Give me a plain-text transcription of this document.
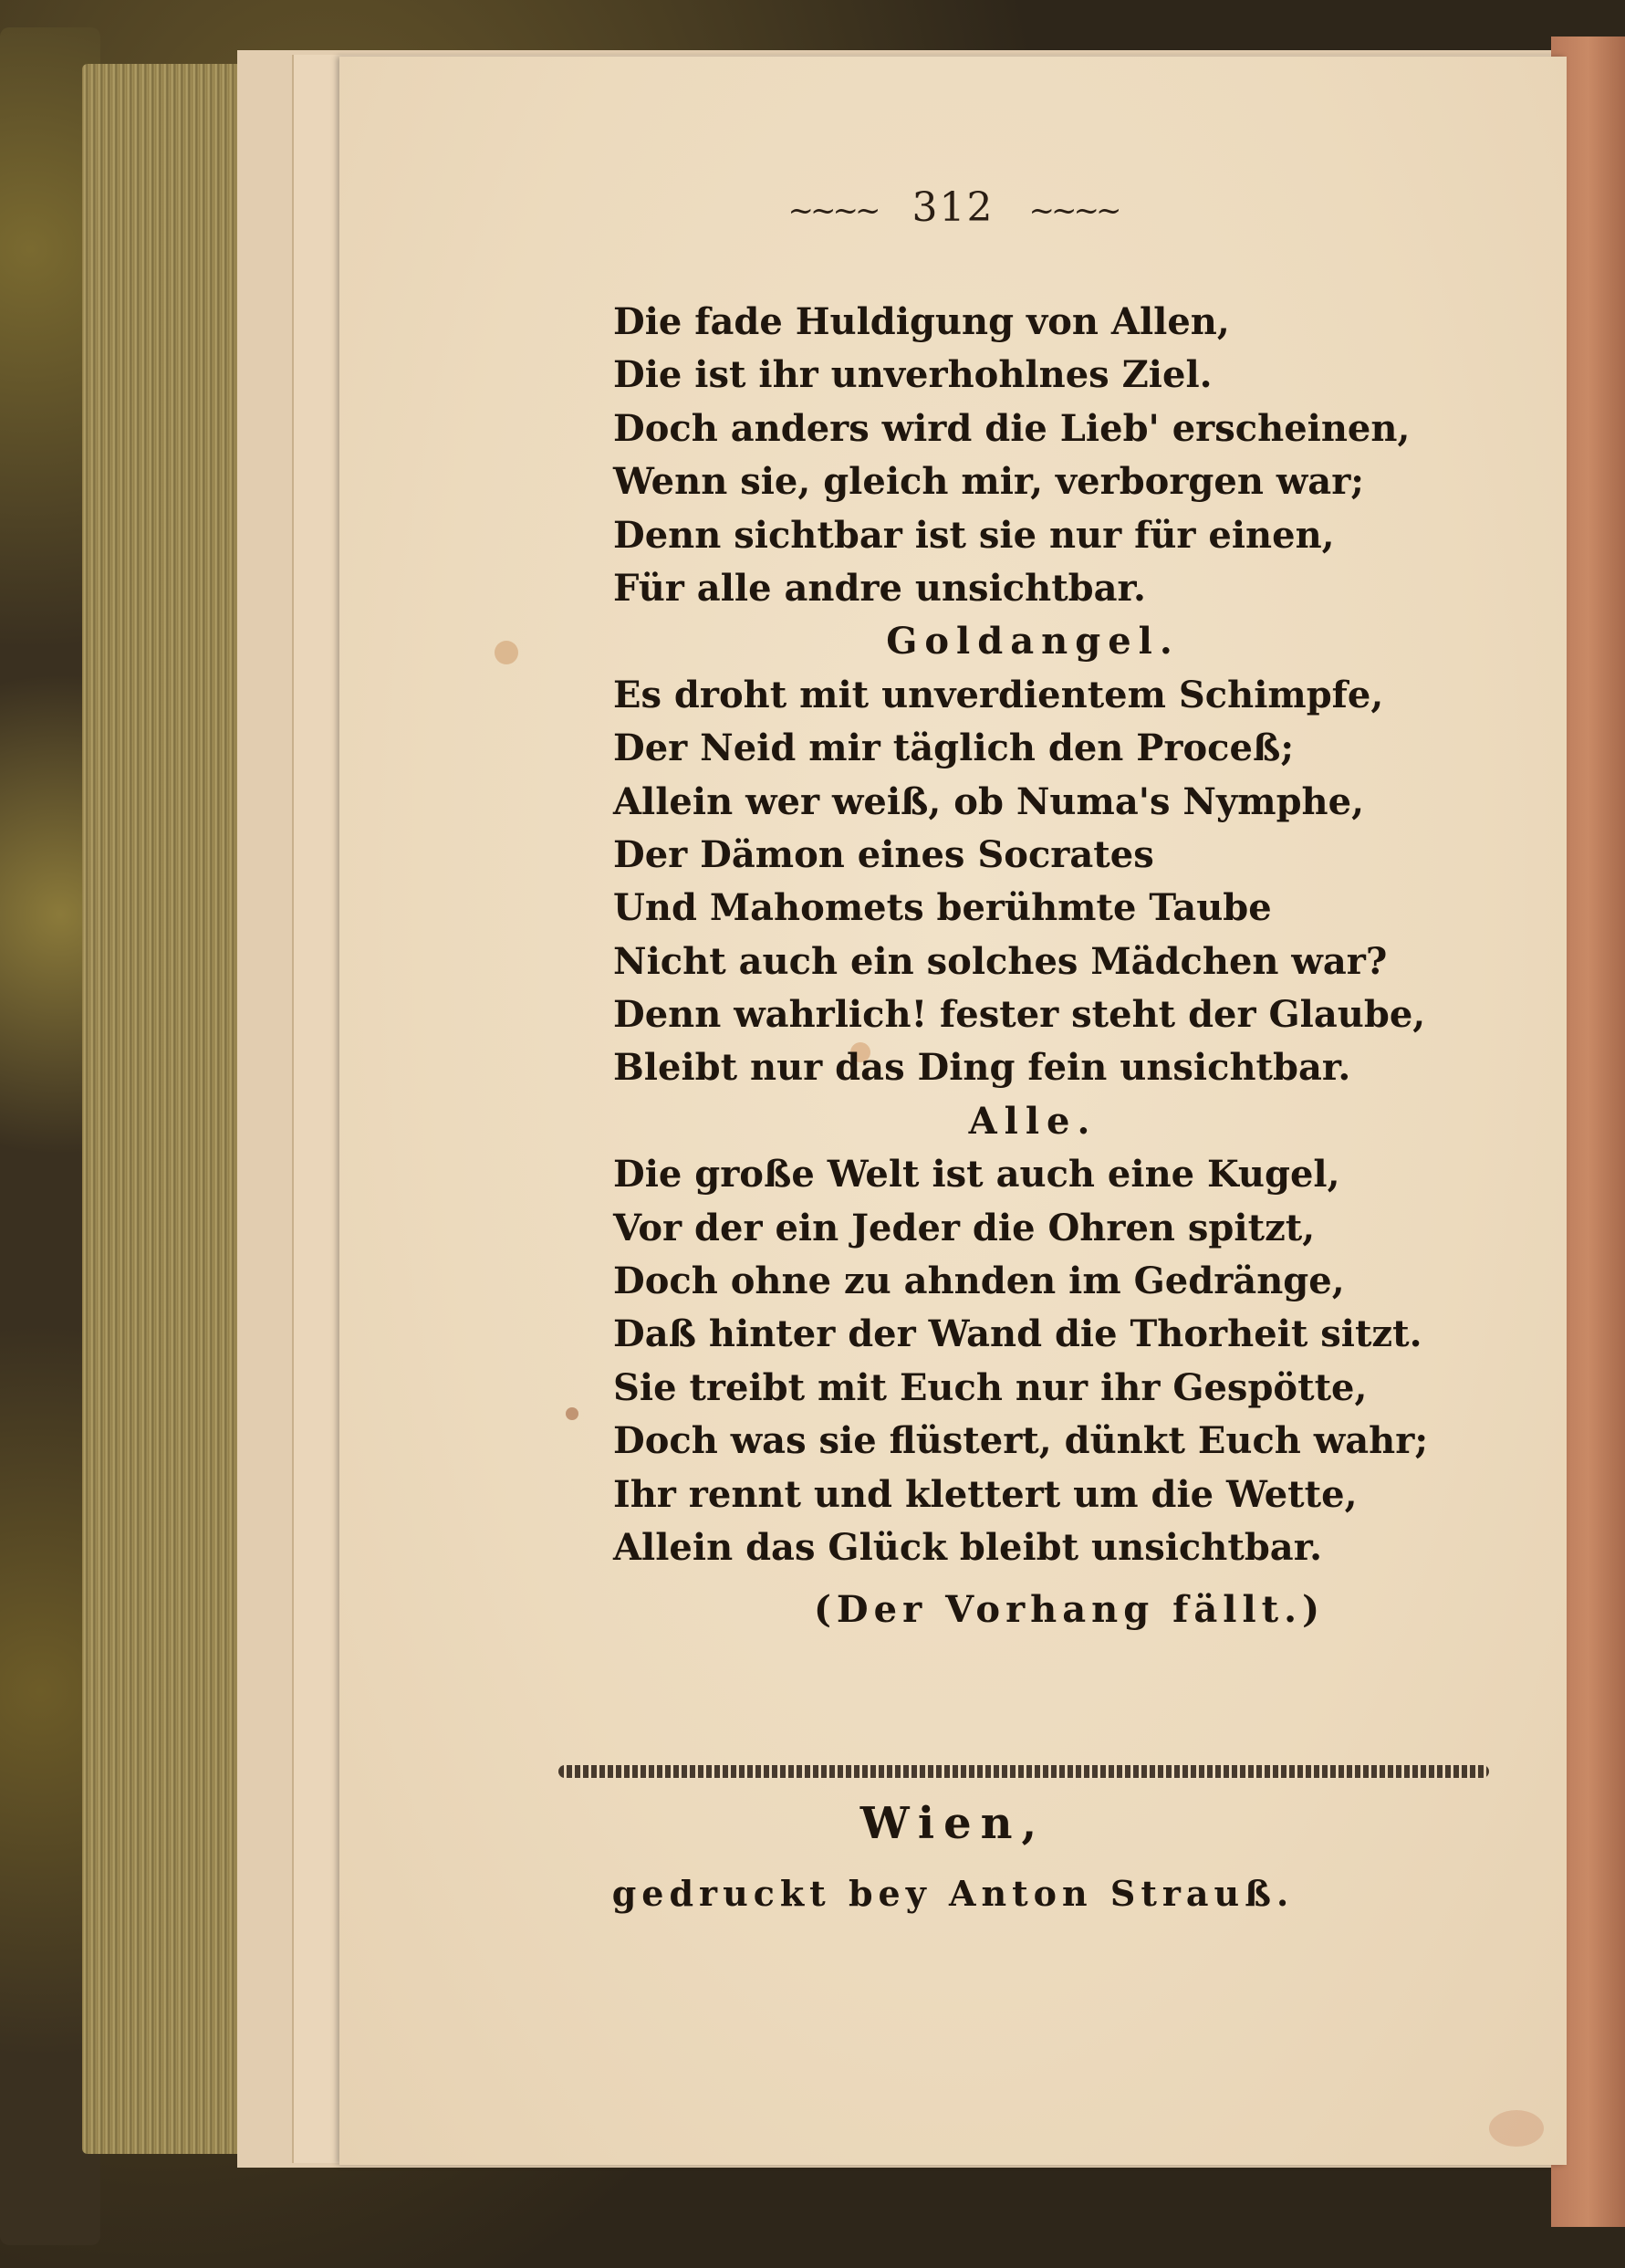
~~~~ 312 ~~~~
Die fade Huldigung von Allen,
Die ist ihr unverhohlnes Ziel.
Doch anders wird die Lieb' erscheinen,
Wenn sie, gleich mir, verborgen war;
Denn sichtbar ist sie nur für einen,
Für alle andre unsichtbar.
Goldangel.
Es droht mit unverdientem Schimpfe,
Der Neid mir täglich den Proceß;
Allein wer weiß, ob Numa's Nymphe,
Der Dämon eines Socrates
Und Mahomets berühmte Taube
Nicht auch ein solches Mädchen war?
Denn wahrlich! fester steht der Glaube,
Bleibt nur das Ding fein unsichtbar.
Alle.
Die große Welt ist auch eine Kugel,
Vor der ein Jeder die Ohren spitzt,
Doch ohne zu ahnden im Gedränge,
Daß hinter der Wand die Thorheit sitzt.
Sie treibt mit Euch nur ihr Gespötte,
Doch was sie flüstert, dünkt Euch wahr;
Ihr rennt und klettert um die Wette,
Allein das Glück bleibt unsichtbar.
(Der Vorhang fällt.)
Wien,
gedruckt bey Anton Strauß.
